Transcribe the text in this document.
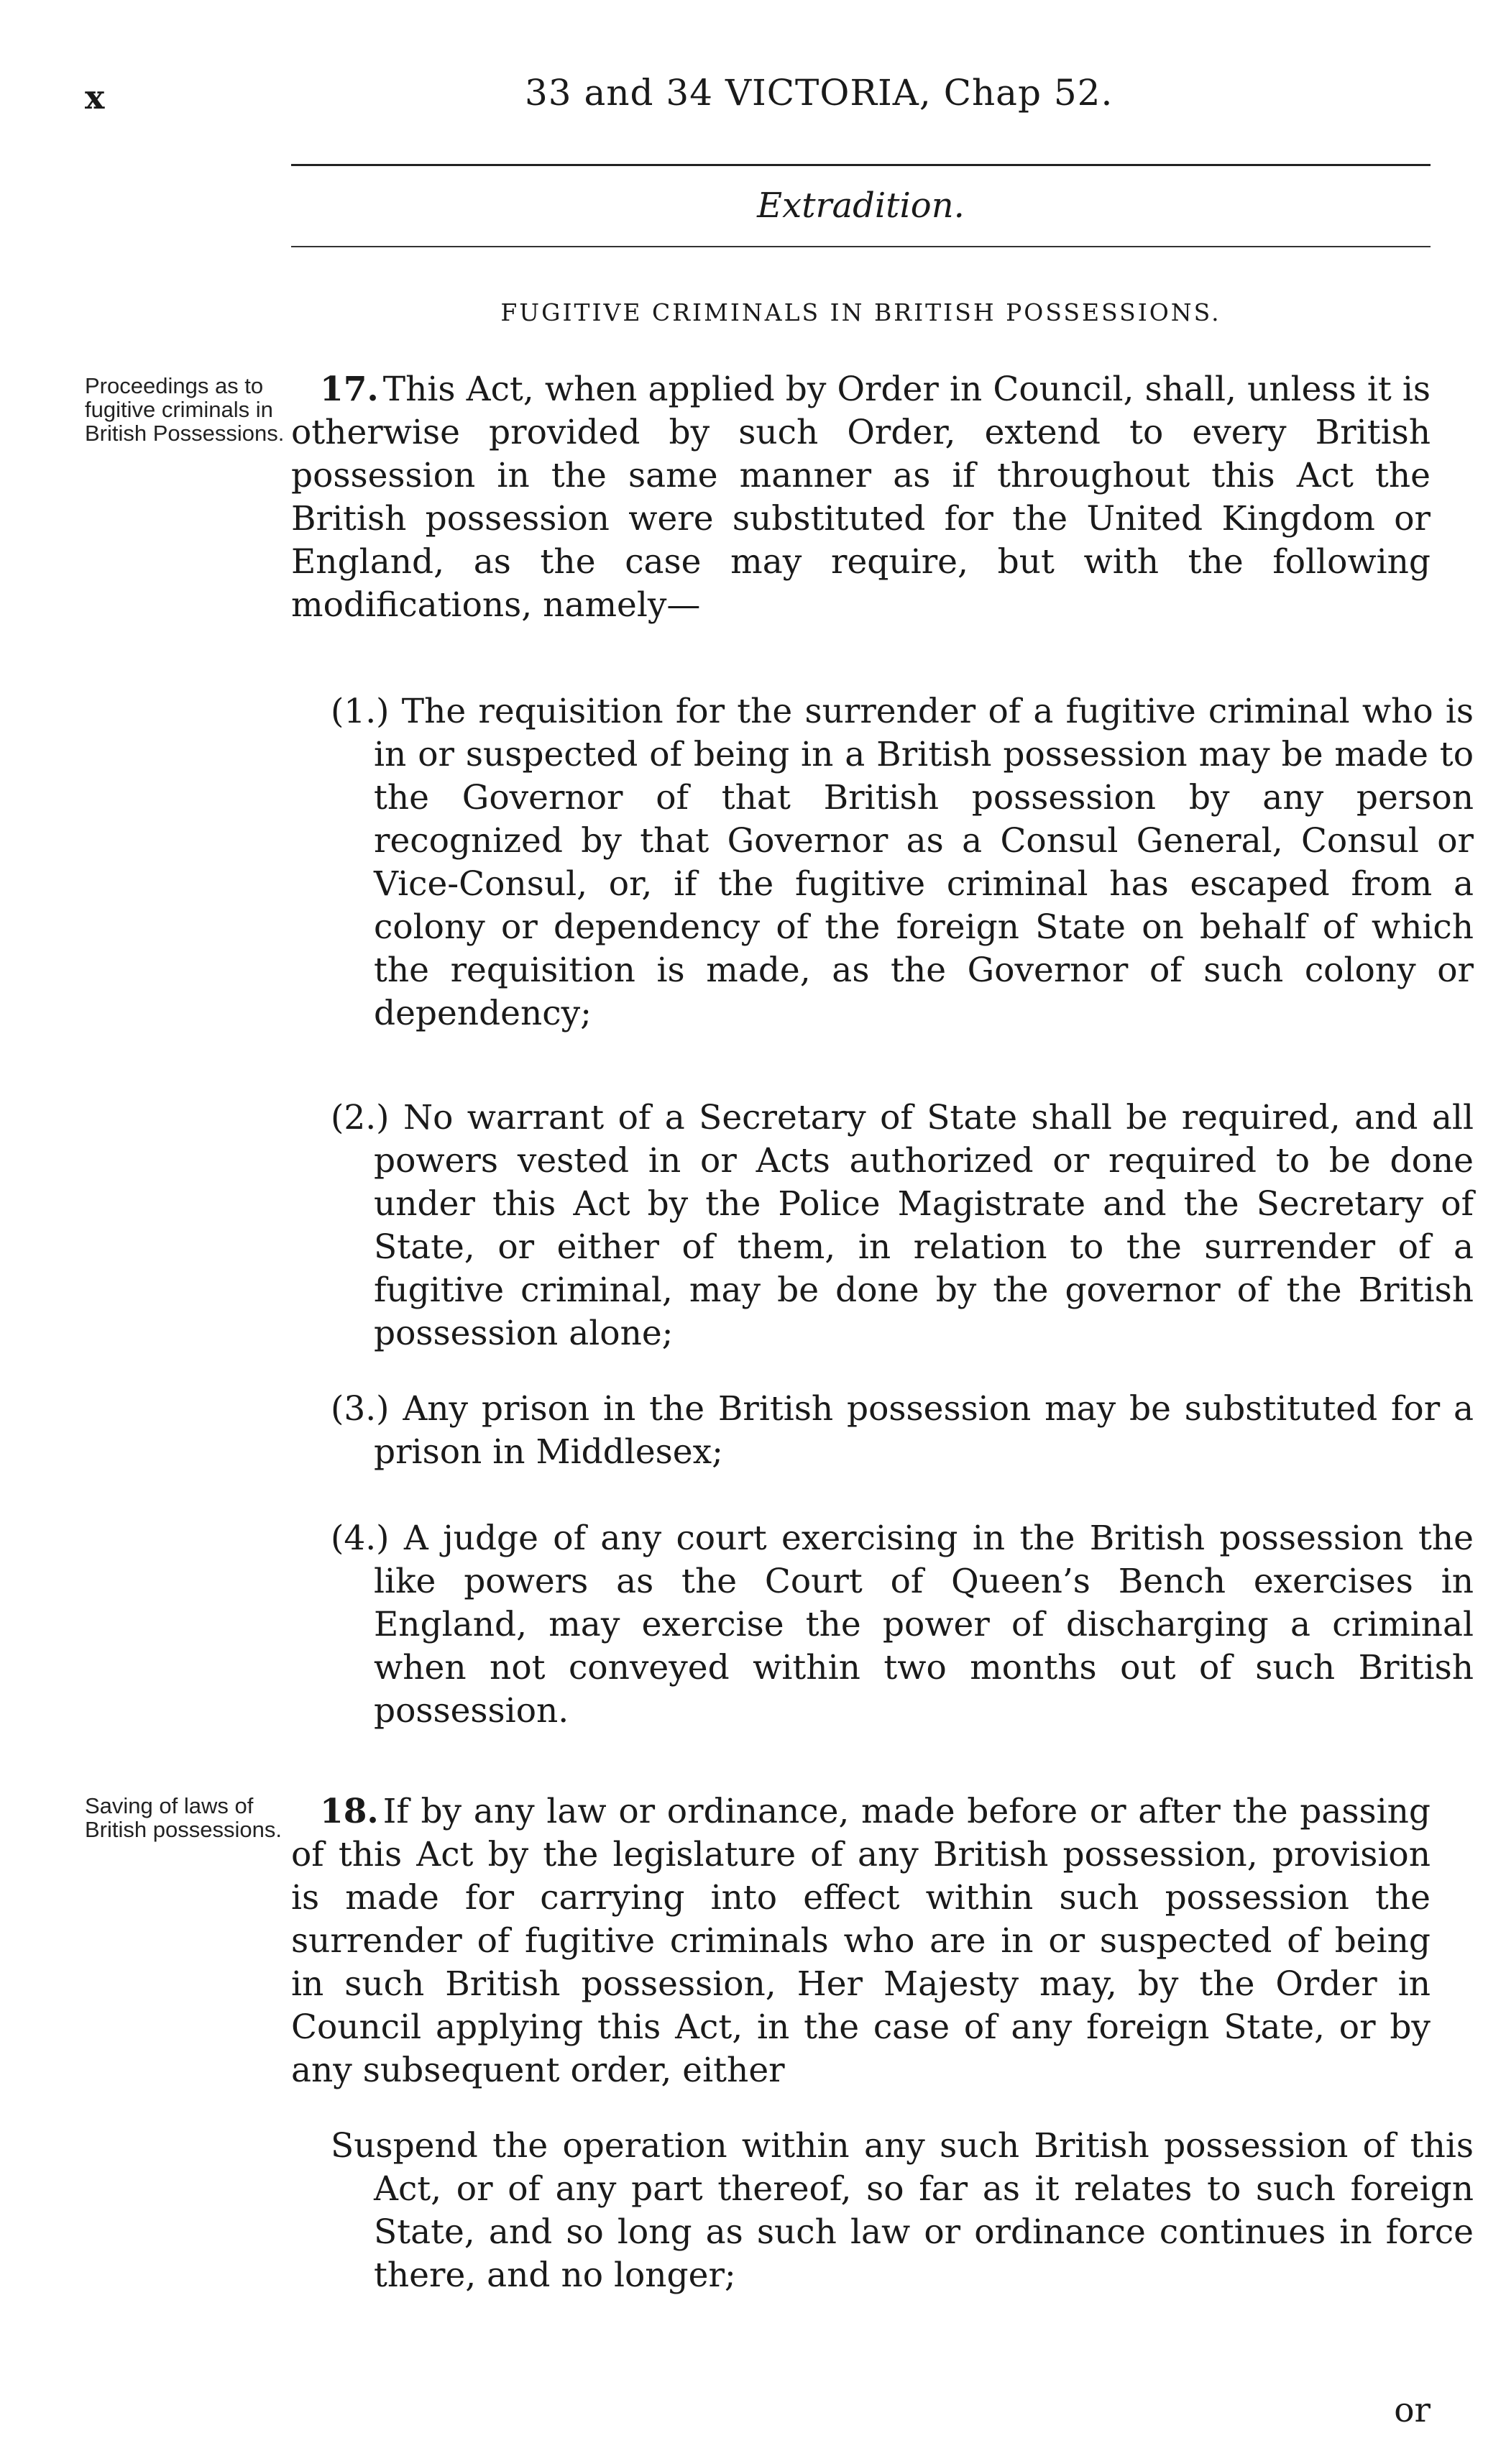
x	33 and 34 VICTORIA, Chap 52.
Extradition.
FUGITIVE CRIMINALS IN BRITISH POSSESSIONS.
Proceedings as to fugitive criminals in British Possessions.

17. This Act, when applied by Order in Council, shall, unless it is otherwise provided by such Order, extend to every British possession in the same manner as if throughout this Act the British possession were substituted for the United Kingdom or England, as the case may require, but with the following modifications, namely—

(1.) The requisition for the surrender of a fugitive criminal who is in or suspected of being in a British possession may be made to the Governor of that British possession by any person recognized by that Governor as a Consul General, Consul or Vice-Consul, or, if the fugitive criminal has escaped from a colony or dependency of the foreign State on behalf of which the requisition is made, as the Governor of such colony or dependency;

(2.) No warrant of a Secretary of State shall be required, and all powers vested in or Acts authorized or required to be done under this Act by the Police Magistrate and the Secretary of State, or either of them, in relation to the surrender of a fugitive criminal, may be done by the governor of the British possession alone;

(3.) Any prison in the British possession may be substituted for a prison in Middlesex;

(4.) A judge of any court exercising in the British possession the like powers as the Court of Queen’s Bench exercises in England, may exercise the power of discharging a criminal when not conveyed within two months out of such British possession.

Saving of laws of British possessions.	18. If by any law or ordinance, made before or after the passing of this Act by the legislature of any British possession, provision is made for carrying into effect within such possession the surrender of fugitive criminals who are in or suspected of being in such British possession, Her Majesty may, by the Order in Council applying this Act, in the case of any foreign State, or by any subsequent order, either

Suspend the operation within any such British possession of this Act, or of any part thereof, so far as it relates to such foreign State, and so long as such law or ordinance continues in force there, and no longer;

or
